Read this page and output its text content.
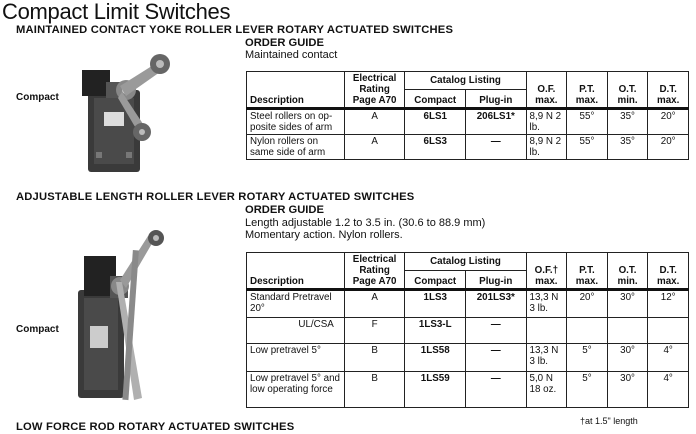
Compact Limit Switches
MAINTAINED CONTACT YOKE ROLLER LEVER ROTARY ACTUATED SWITCHES
ORDER GUIDE
Maintained contact
Compact	Description	Electrical Rating Page A70	Catalog Listing		O.F. max.	P.T. max.	O.T. min.	D.T. max.
		Compact	Plug-in				
Steel rollers on op-posite sides of arm	A	6LS1	206LS1*	8,9 N 2 lb.	55°	35°	20°
Nylon rollers on same side of arm	A	6LS3	—	8,9 N 2 lb.	55°	35°	20°
ADJUSTABLE LENGTH ROLLER LEVER ROTARY ACTUATED SWITCHES
ORDER GUIDE
Length adjustable 1.2 to 3.5 in. (30.6 to 88.9 mm)
Momentary action. Nylon rollers.
Compact
Description	Electrical Rating Page A70	Catalog Listing		O.F.† max.	P.T. max.	O.T. min.	D.T. max.
		Compact	Plug-in				
Standard Pretravel 20°	A	1LS3	201LS3*	13,3 N 3 lb.	20°	30°	12°
UL/CSA	F	1LS3-L	—				
Low pretravel 5°	B	1LS58	—	13,3 N 3 lb.	5°	30°	4°
Low pretravel 5° and low operating force	B	1LS59	—	5,0 N 18 oz.	5°	30°	4°
†at 1.5" length
LOW FORCE ROD ROTARY ACTUATED SWITCHES
